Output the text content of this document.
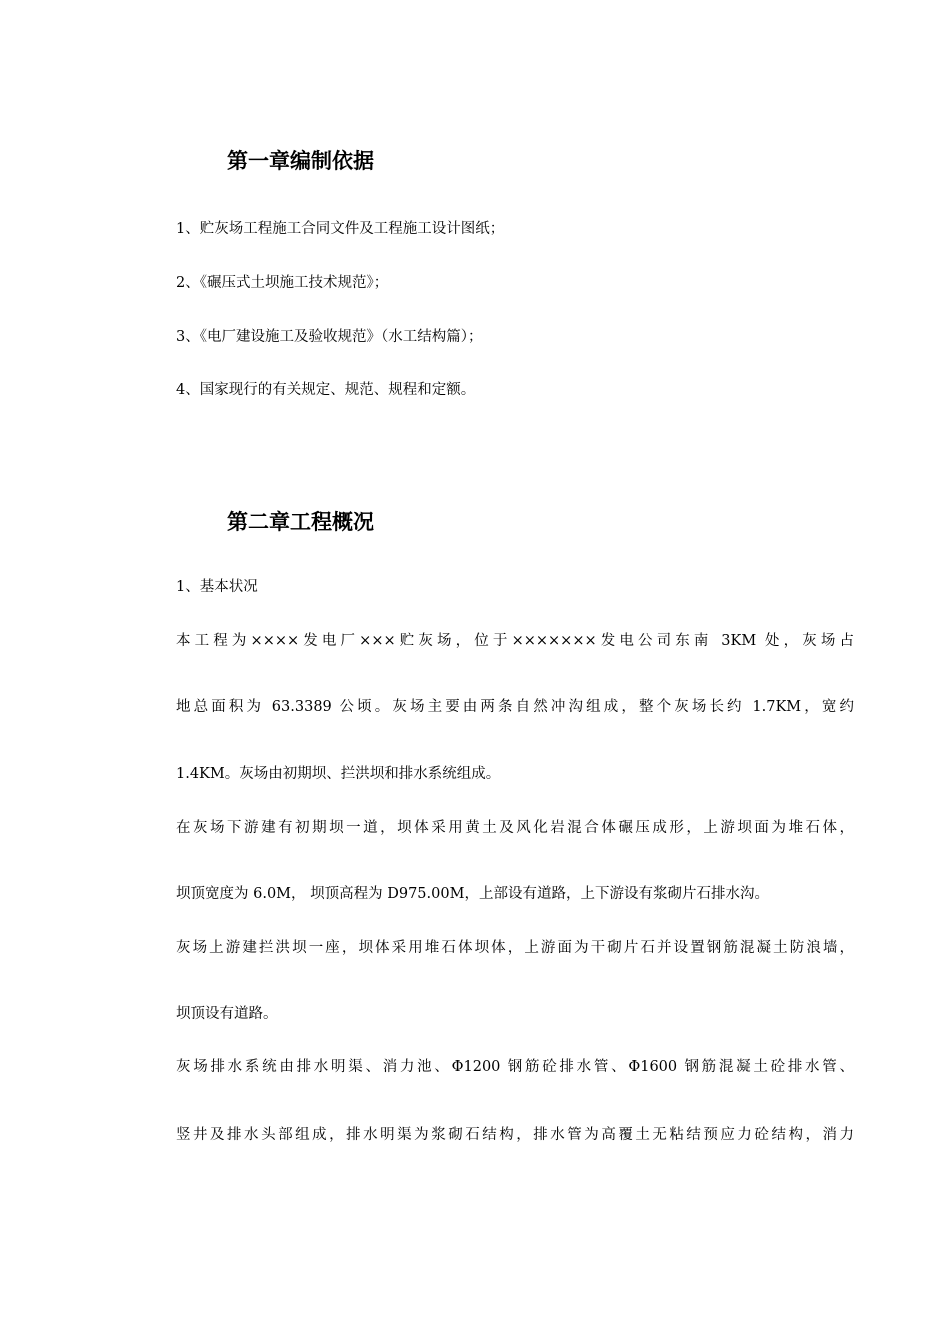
第一章编制依据
1、贮灰场工程施工合同文件及工程施工设计图纸；
2、《碾压式土坝施工技术规范》；
3、《电厂建设施工及验收规范》（水工结构篇）；
4、国家现行的有关规定、规范、规程和定额。
第二章工程概况
1、基本状况
本工程为××××发电厂×××贮灰场，位于×××××××发电公司东南 3KM 处，灰场占
地总面积为 63.3389 公顷。灰场主要由两条自然冲沟组成，整个灰场长约 1.7KM，宽约
1.4KM。灰场由初期坝、拦洪坝和排水系统组成。
在灰场下游建有初期坝一道，坝体采用黄土及风化岩混合体碾压成形，上游坝面为堆石体，
坝顶宽度为 6.0M， 坝顶高程为 D975.00M，上部设有道路，上下游设有浆砌片石排水沟。
灰场上游建拦洪坝一座，坝体采用堆石体坝体，上游面为干砌片石并设置钢筋混凝土防浪墙，
坝顶设有道路。
灰场排水系统由排水明渠、消力池、Φ1200 钢筋砼排水管、Φ1600 钢筋混凝土砼排水管、
竖井及排水头部组成，排水明渠为浆砌石结构，排水管为高覆土无粘结预应力砼结构，消力
